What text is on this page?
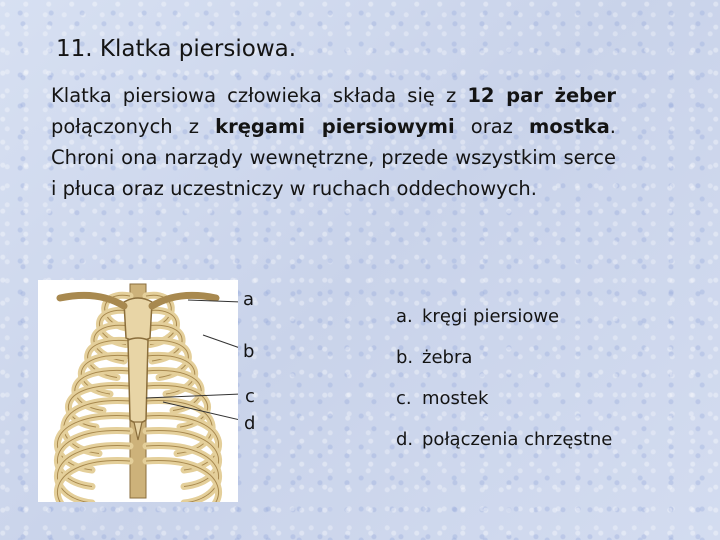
11. Klatka piersiowa.
Klatka piersiowa człowieka składa się z 12 par żeber połączonych z kręgami piersiowymi oraz mostka. Chroni ona narządy wewnętrzne, przede wszystkim serce i płuca oraz uczestniczy w ruchach oddechowych.
a
b
c
d
a. kręgi piersiowe
b. żebra
c. mostek
d. połączenia chrzęstne
